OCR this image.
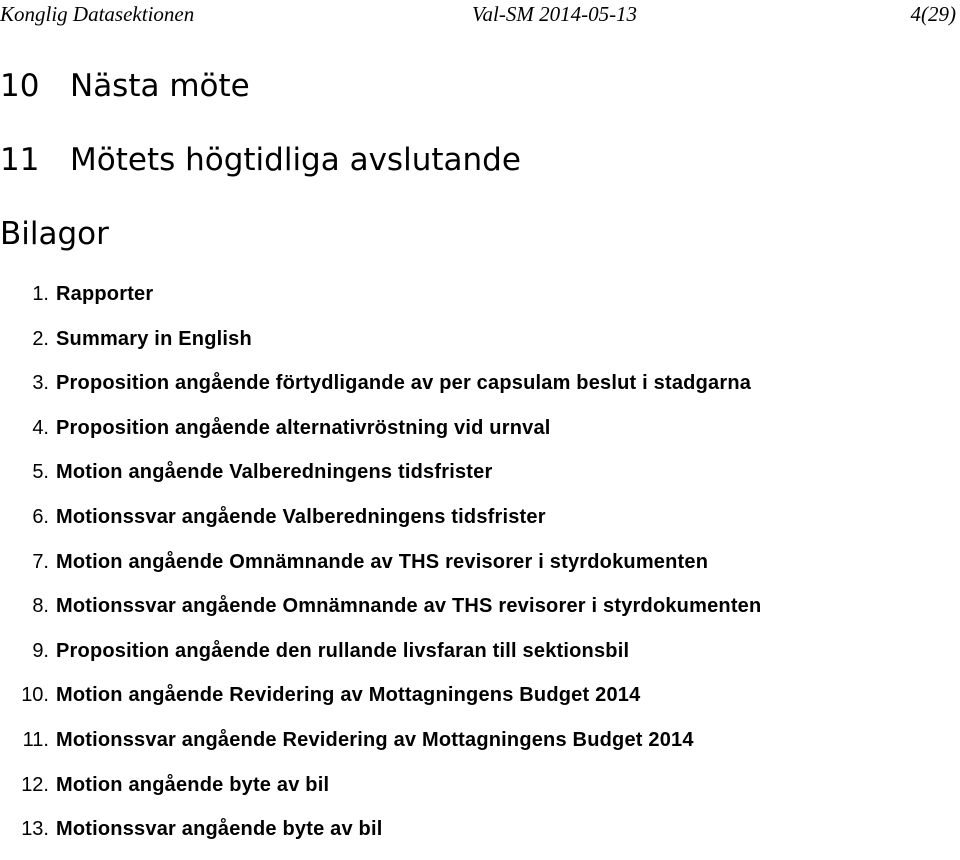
Konglig Datasektionen	Val-SM 2014-05-13	4(29)
10 Nästa möte
11 Mötets högtidliga avslutande
Bilagor
1. Rapporter
2. Summary in English
3. Proposition angående förtydligande av per capsulam beslut i stadgarna
4. Proposition angående alternativröstning vid urnval
5. Motion angående Valberedningens tidsfrister
6. Motionssvar angående Valberedningens tidsfrister
7. Motion angående Omnämnande av THS revisorer i styrdokumenten
8. Motionssvar angående Omnämnande av THS revisorer i styrdokumenten
9. Proposition angående den rullande livsfaran till sektionsbil
10. Motion angående Revidering av Mottagningens Budget 2014
11. Motionssvar angående Revidering av Mottagningens Budget 2014
12. Motion angående byte av bil
13. Motionssvar angående byte av bil
